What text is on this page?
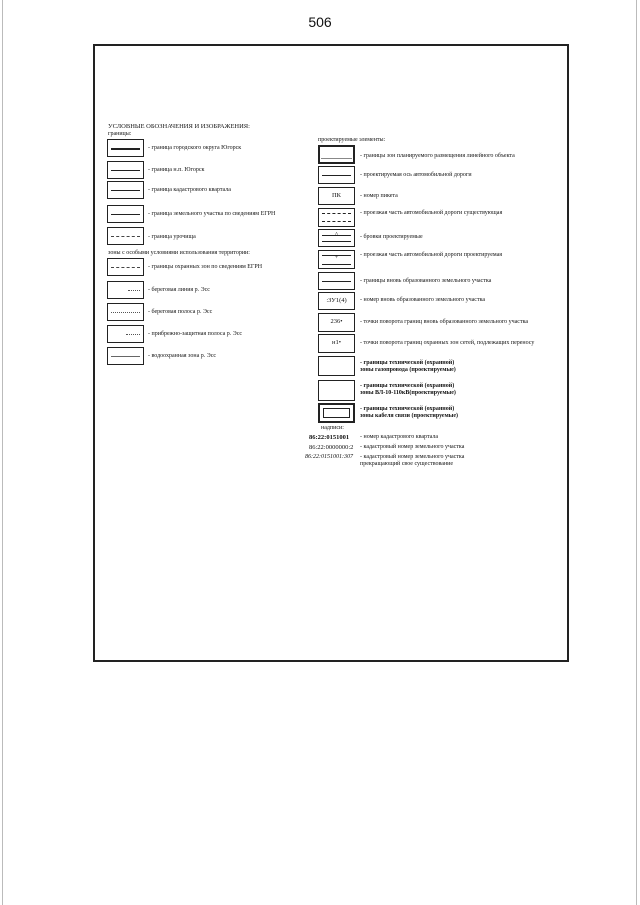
506
УСЛОВНЫЕ ОБОЗНАЧЕНИЯ И ИЗОБРАЖЕНИЯ:
границы:
- граница городского округа Югорск
- граница н.п. Югорск
- граница кадастрового квартала
- граница земельного участка по сведениям ЕГРН
- граница урочища
зоны с особыми условиями использования территории:
- границы охранных зон по сведениям ЕГРН
- береговая линия р. Эсс
- береговая полоса р. Эсс
- прибрежно-защитная полоса р. Эсс
- водоохранная зона р. Эсс
проектируемые элементы:
- границы зон планируемого размещения линейного объекта
- проектируемая ось автомобильной дороги
ПК	- номер пикета
- проезжая часть автомобильной дороги существующая
^	- бровки проектируемые
+	- проезжая часть автомобильной дороги проектируемая
- границы вновь образованного земельного участка
:ЗУ1(4)	- номер вновь образованного земельного участка
236•	- точки поворота границ вновь образованного земельного участка
н1•	- точки поворота границ охранных зон сетей, подлежащих переносу
- границы технической (охранной) зоны газопровода (проектируемые)
- границы технической (охранной) зоны ВЛ-10-110кВ(проектируемые)
- границы технической (охранной) зоны кабеля связи (проектируемые)
надписи:
86:22:0151001 - номер кадастрового квартала
86:22:0000000:2 - кадастровый номер земельного участка
86:22:0151001:307 - кадастровый номер земельного участка прекращающий свое существование
